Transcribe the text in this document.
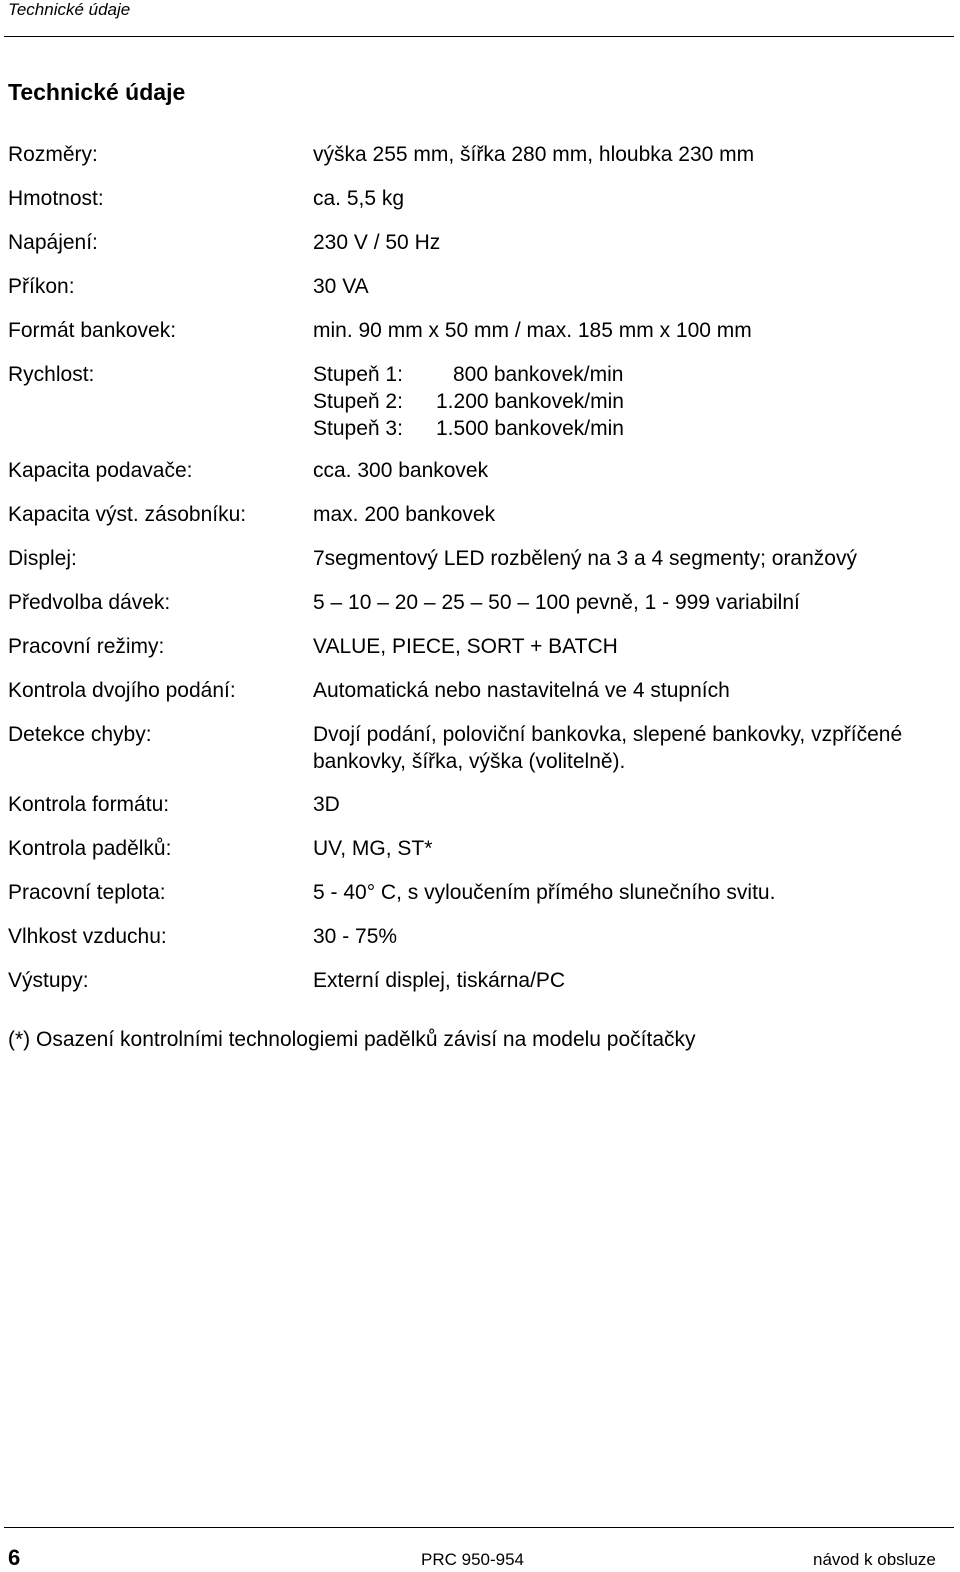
Technické údaje
Technické údaje
Rozměry:	výška 255 mm, šířka 280 mm, hloubka 230 mm
Hmotnost:	ca. 5,5 kg
Napájení:	230 V / 50 Hz
Příkon:	30 VA
Formát bankovek:	min. 90 mm x 50 mm / max. 185 mm x 100 mm
Rychlost:	Stupeň 1: 800 bankovek/min
Stupeň 2: 1.200 bankovek/min
Stupeň 3: 1.500 bankovek/min
Kapacita podavače:	cca. 300 bankovek
Kapacita výst. zásobníku:	max. 200 bankovek
Displej:	7segmentový LED rozbělený na 3 a 4 segmenty; oranžový
Předvolba dávek:	5 – 10 – 20 – 25 – 50 – 100 pevně, 1 - 999 variabilní
Pracovní režimy:	VALUE, PIECE, SORT + BATCH
Kontrola dvojího podání:	Automatická nebo nastavitelná ve 4 stupních
Detekce chyby:	Dvojí podání, poloviční bankovka, slepené bankovky, vzpříčené
bankovky, šířka, výška (volitelně).
Kontrola formátu:	3D
Kontrola padělků:	UV, MG, ST*
Pracovní teplota:	5 - 40° C, s vyloučením přímého slunečního svitu.
Vlhkost vzduchu:	30 - 75%
Výstupy:	Externí displej, tiskárna/PC
(*) Osazení kontrolními technologiemi padělků závisí na modelu počítačky
6	PRC 950-954	návod k obsluze
